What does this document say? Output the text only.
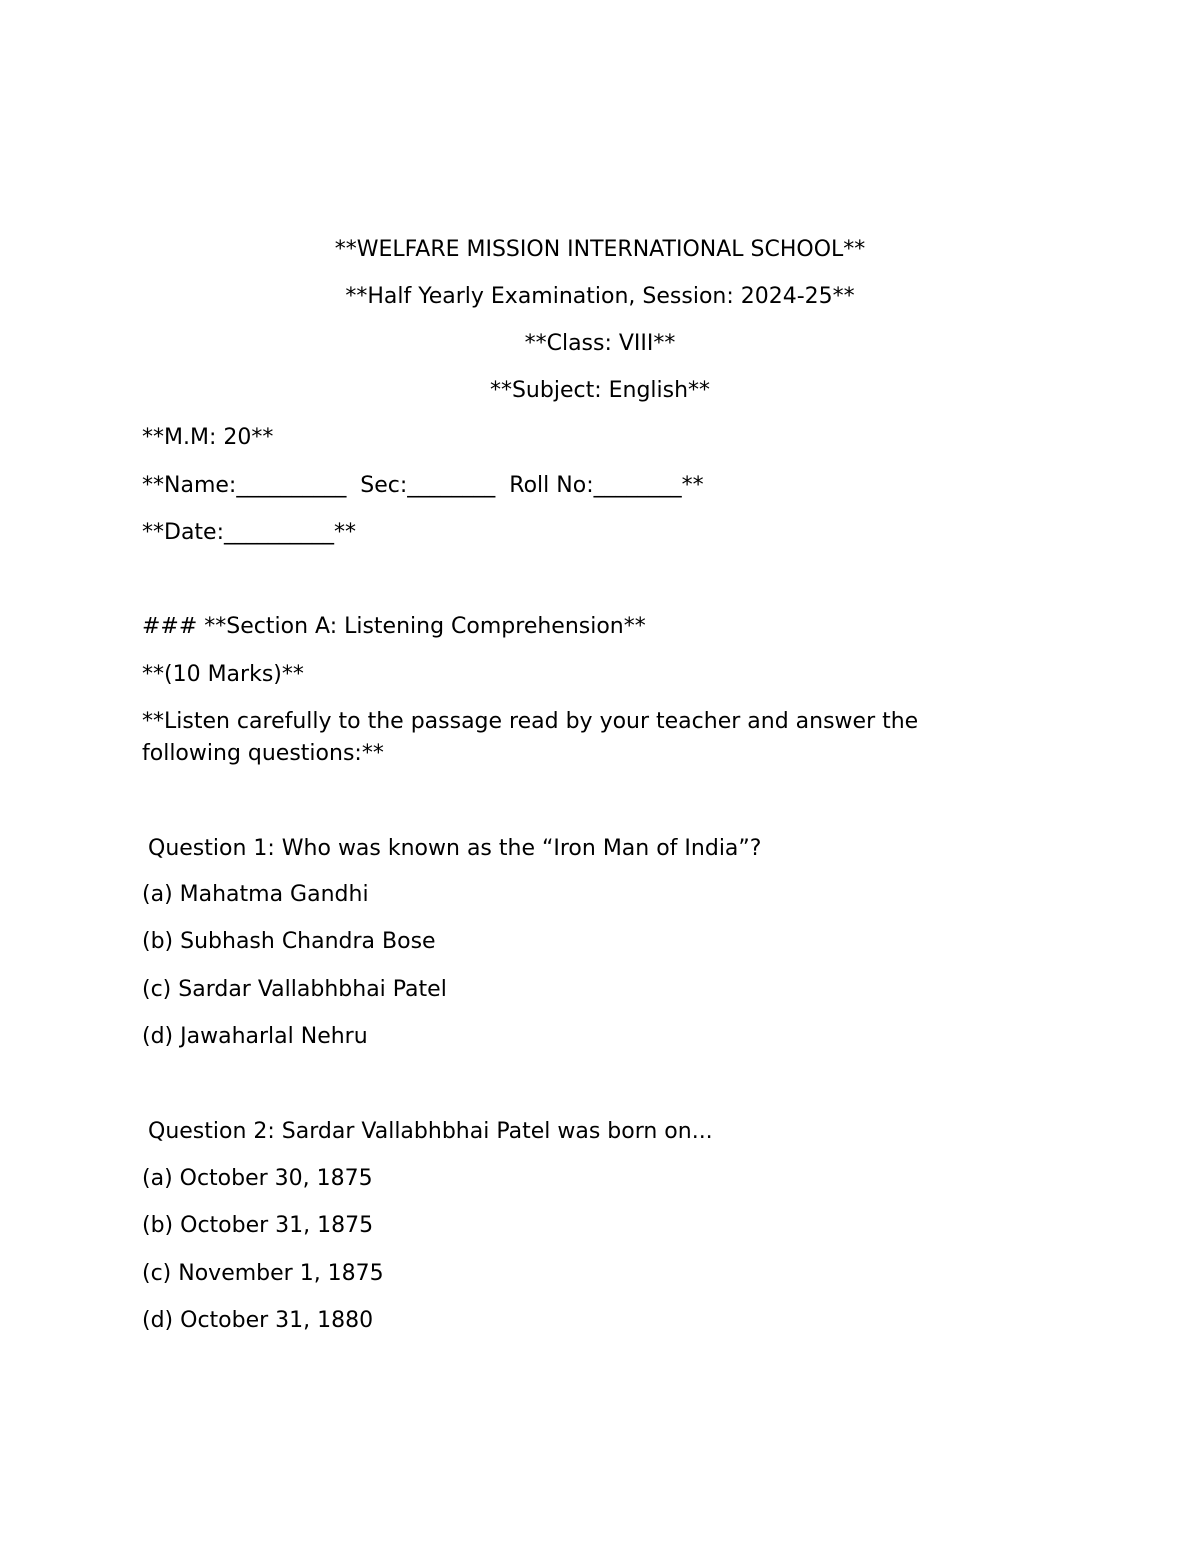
**WELFARE MISSION INTERNATIONAL SCHOOL**
**Half Yearly Examination, Session: 2024-25**
**Class: VIII**
**Subject: English**
**M.M: 20**
**Name:__________  Sec:________  Roll No:________**
**Date:__________**
### **Section A: Listening Comprehension**
**(10 Marks)**
**Listen carefully to the passage read by your teacher and answer the following questions:**
Question 1: Who was known as the “Iron Man of India”?
(a) Mahatma Gandhi
(b) Subhash Chandra Bose
(c) Sardar Vallabhbhai Patel
(d) Jawaharlal Nehru
Question 2: Sardar Vallabhbhai Patel was born on...
(a) October 30, 1875
(b) October 31, 1875
(c) November 1, 1875
(d) October 31, 1880
